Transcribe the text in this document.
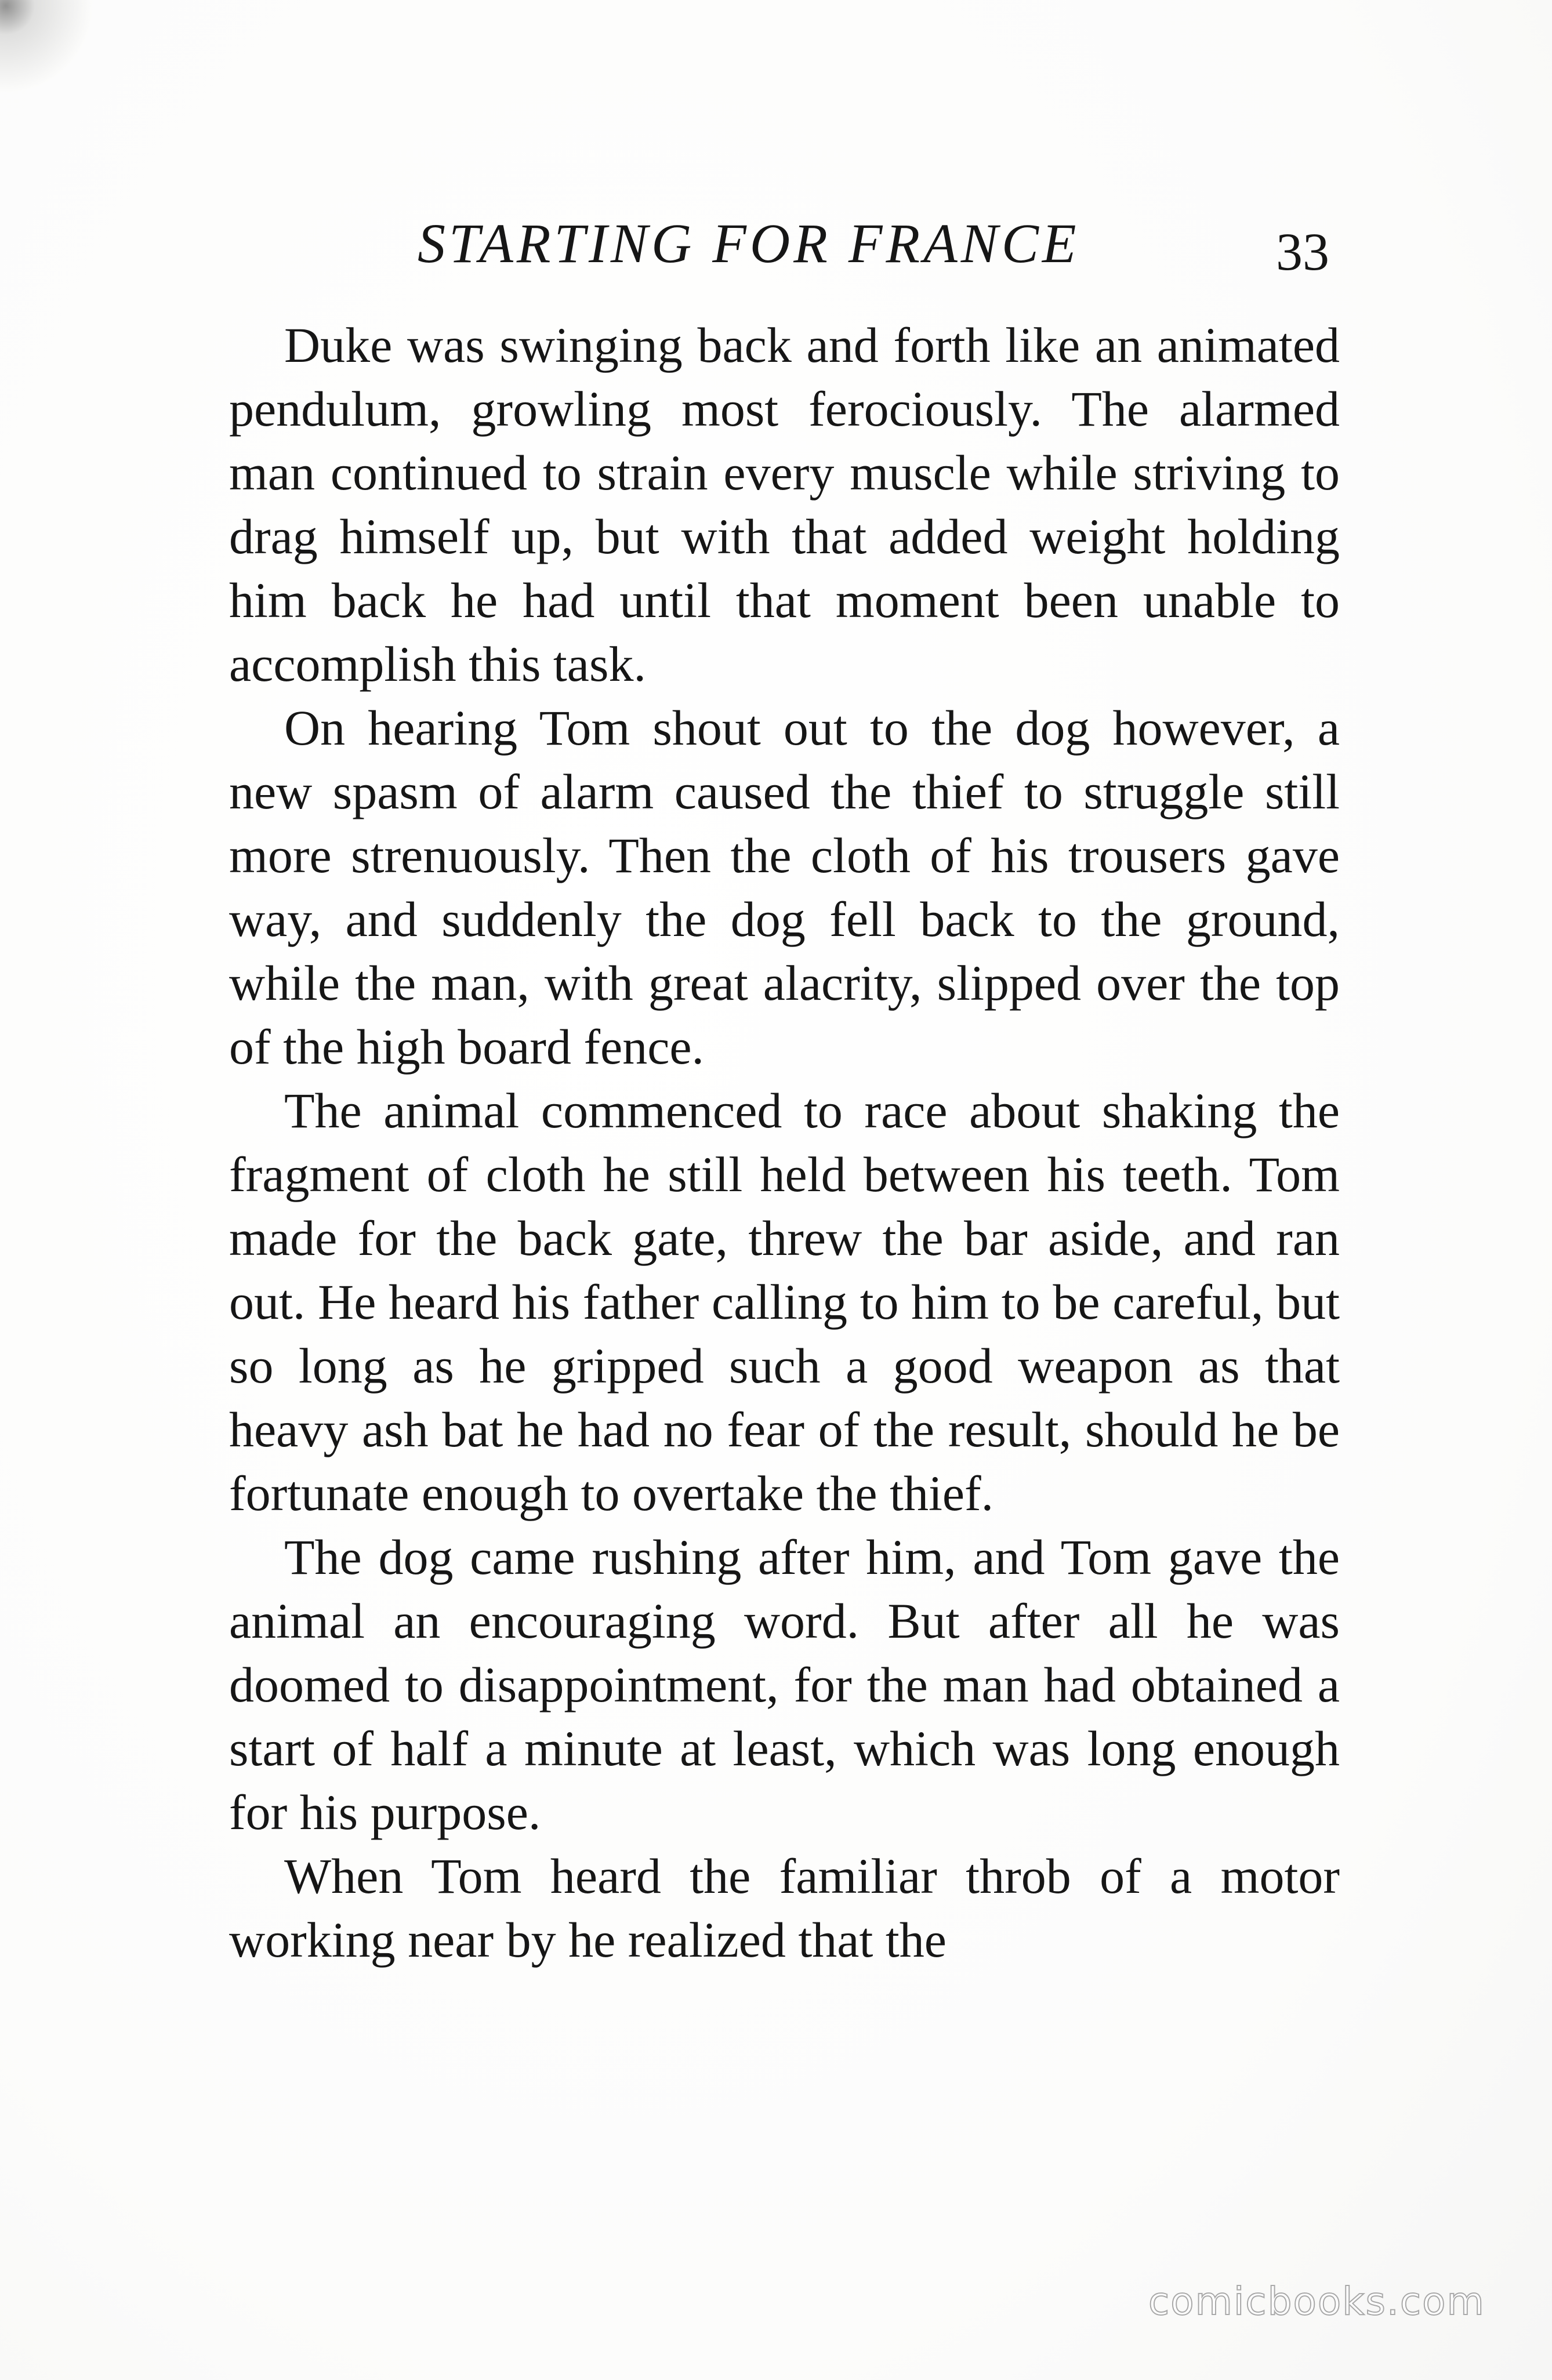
STARTING FOR FRANCE	33

Duke was swinging back and forth like an animated pendulum, growling most ferociously. The alarmed man continued to strain every muscle while striving to drag himself up, but with that added weight holding him back he had until that moment been unable to accomplish this task.

On hearing Tom shout out to the dog however, a new spasm of alarm caused the thief to struggle still more strenuously. Then the cloth of his trousers gave way, and suddenly the dog fell back to the ground, while the man, with great alacrity, slipped over the top of the high board fence.

The animal commenced to race about shaking the fragment of cloth he still held between his teeth. Tom made for the back gate, threw the bar aside, and ran out. He heard his father calling to him to be careful, but so long as he gripped such a good weapon as that heavy ash bat he had no fear of the result, should he be fortunate enough to overtake the thief.

The dog came rushing after him, and Tom gave the animal an encouraging word. But after all he was doomed to disappointment, for the man had obtained a start of half a minute at least, which was long enough for his purpose.

When Tom heard the familiar throb of a motor working near by he realized that the

comicbooks.com
